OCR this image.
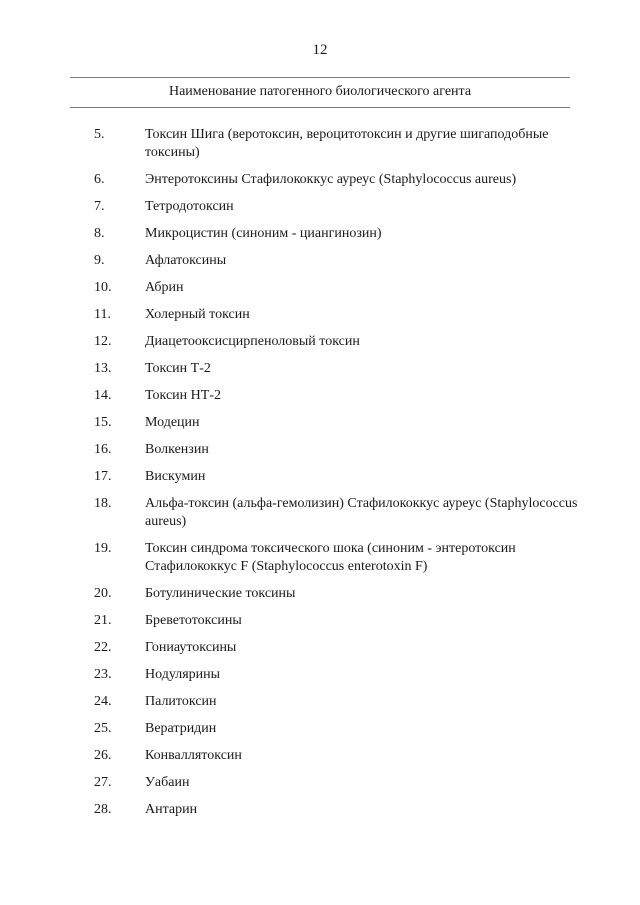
12
Наименование патогенного биологического агента
5.	Токсин Шига (веротоксин, вероцитотоксин и другие шигаподобные токсины)
6.	Энтеротоксины Стафилококкус ауреус (Staphylococcus aureus)
7.	Тетродотоксин
8.	Микроцистин (синоним - циангинозин)
9.	Афлатоксины
10.	Абрин
11.	Холерный токсин
12.	Диацетооксисцирпеноловый токсин
13.	Токсин Т-2
14.	Токсин НТ-2
15.	Модецин
16.	Волкензин
17.	Вискумин
18.	Альфа-токсин (альфа-гемолизин) Стафилококкус ауреус (Staphylococcus aureus)
19.	Токсин синдрома токсического шока (синоним - энтеротоксин Стафилококкус F (Staphylococcus enterotoxin F)
20.	Ботулинические токсины
21.	Бреветотоксины
22.	Гониаутоксины
23.	Нодулярины
24.	Палитоксин
25.	Вератридин
26.	Конваллятоксин
27.	Уабаин
28.	Антарин
